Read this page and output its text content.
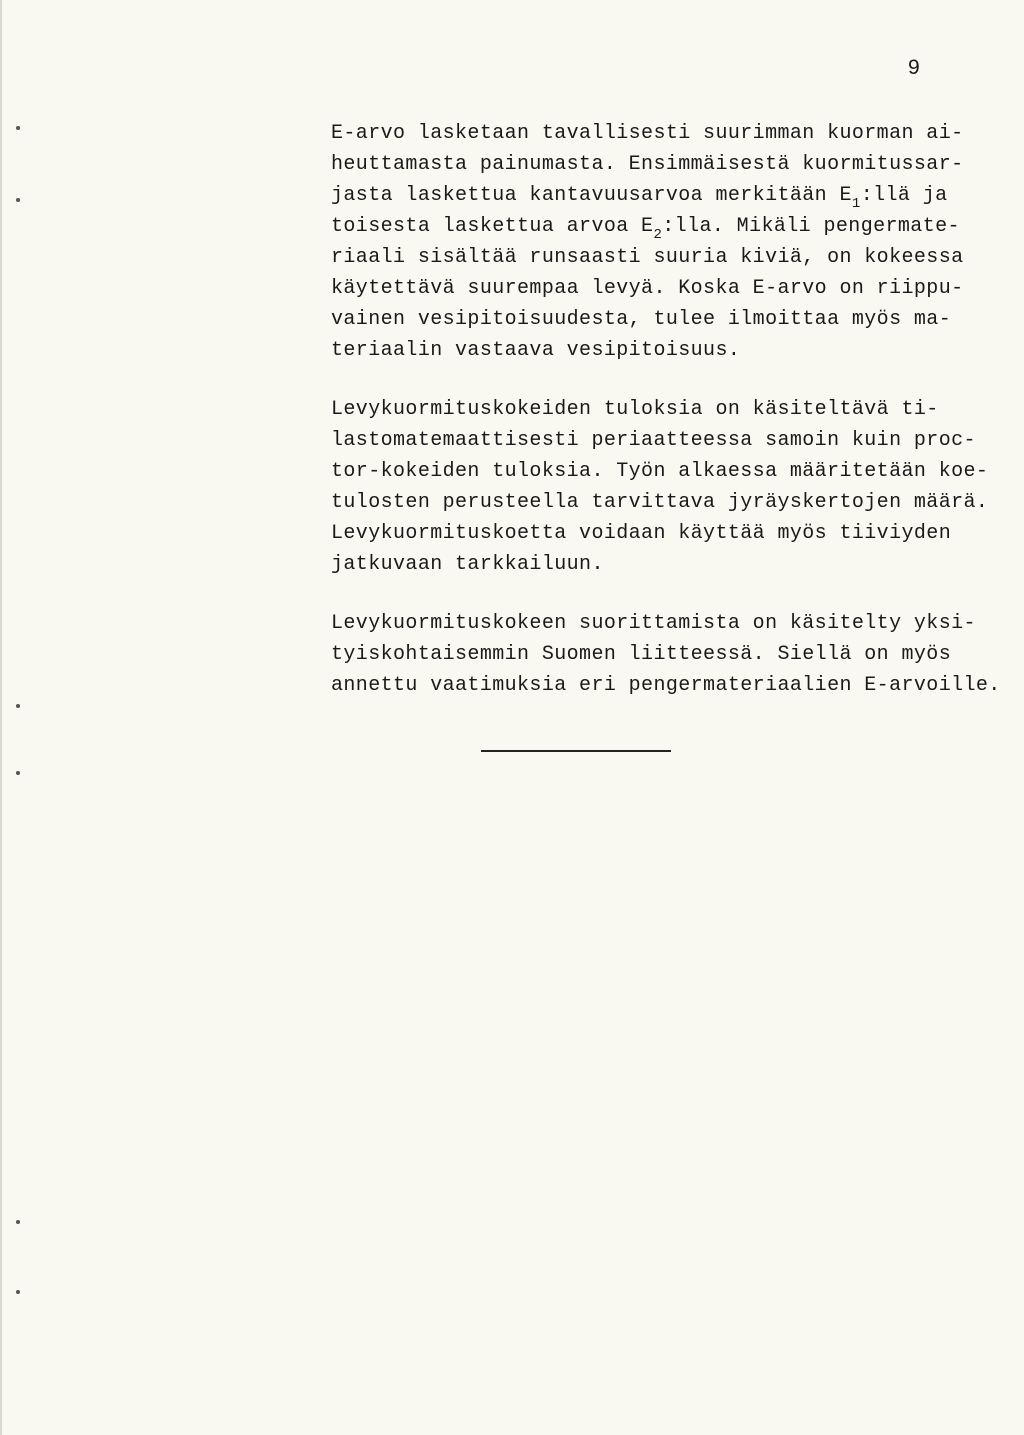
9
E-arvo lasketaan tavallisesti suurimman kuorman ai-
heuttamasta painumasta. Ensimmäisestä kuormitussar-
jasta laskettua kantavuusarvoa merkitään $E_1:llä$ ja
toisesta laskettua arvoa $E_2:lla$. Mikäli pengermate-
riaali sisältää runsaasti suuria kiviä, on kokeessa
käytettävä suurempaa levyä. Koska E-arvo on riippu-
vainen vesipitoisuudesta, tulee ilmoittaa myös ma-
teriaalin vastaava vesipitoisuus.
Levykuormituskokeiden tuloksia on käsiteltävä ti-
lastomatemaattisesti periaatteessa samoin kuin proc-
tor-kokeiden tuloksia. Työn alkaessa määritetään koe-
tulosten perusteella tarvittava jyräyskertojen määrä.
Levykuormituskoetta voidaan käyttää myös tiiviyden
jatkuvaan tarkkailuun.
Levykuormituskokeen suorittamista on käsitelty yksi-
tyiskohtaisemmin Suomen liitteessä. Siellä on myös
annettu vaatimuksia eri pengermateriaalien E-arvoille.
